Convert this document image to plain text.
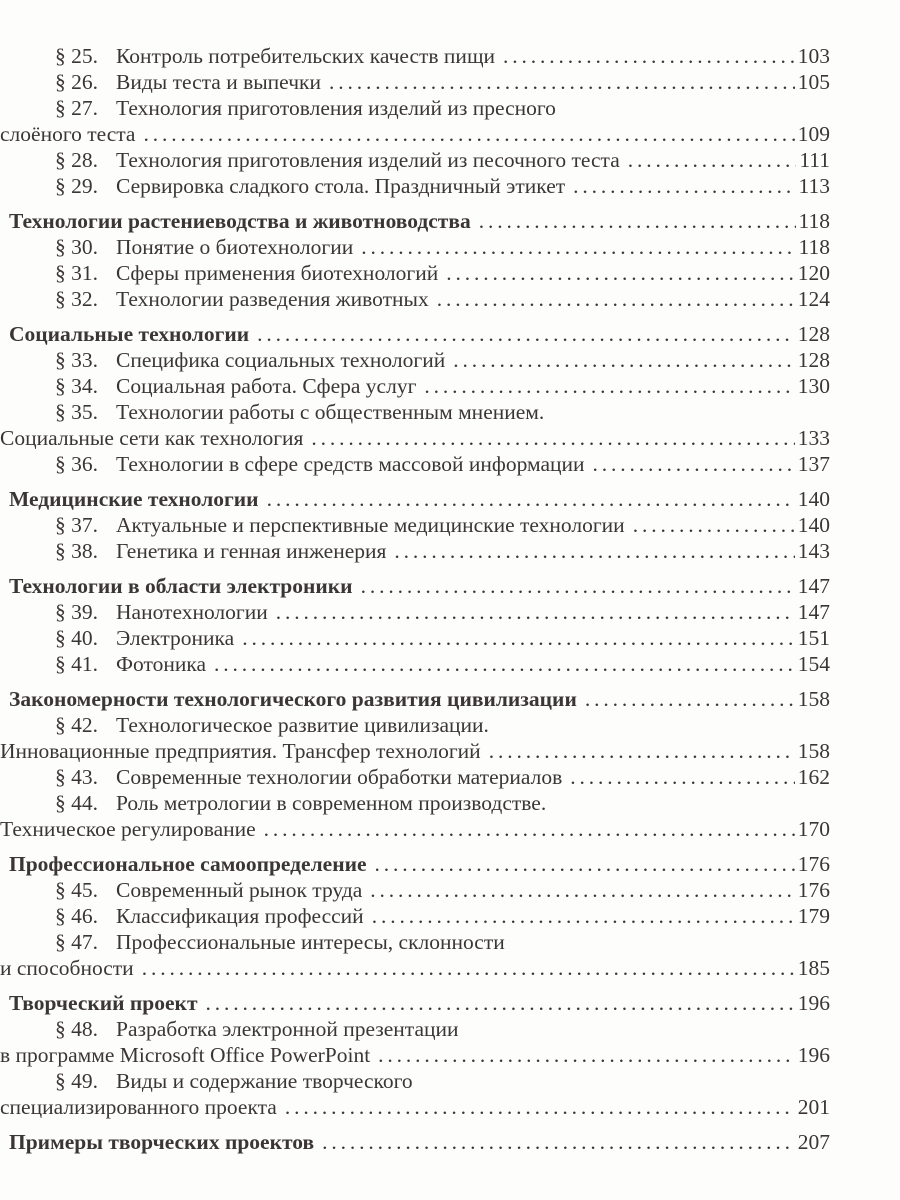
§ 25. Контроль потребительских качеств пищи . . .	103
§ 26. Виды теста и выпечки . . .	105
§ 27. Технология приготовления изделий из пресного
слоёного теста . . .	109
§ 28. Технология приготовления изделий из песочного теста . . .	111
§ 29. Сервировка сладкого стола. Праздничный этикет . . .	113
Технологии растениеводства и животноводства . . .	118
§ 30. Понятие о биотехнологии . . .	118
§ 31. Сферы применения биотехнологий . . .	120
§ 32. Технологии разведения животных . . .	124
Социальные технологии . . .	128
§ 33. Специфика социальных технологий . . .	128
§ 34. Социальная работа. Сфера услуг . . .	130
§ 35. Технологии работы с общественным мнением.
Социальные сети как технология . . .	133
§ 36. Технологии в сфере средств массовой информации . . .	137
Медицинские технологии . . .	140
§ 37. Актуальные и перспективные медицинские технологии . . .	140
§ 38. Генетика и генная инженерия . . .	143
Технологии в области электроники . . .	147
§ 39. Нанотехнологии . . .	147
§ 40. Электроника . . .	151
§ 41. Фотоника . . .	154
Закономерности технологического развития цивилизации . . .	158
§ 42. Технологическое развитие цивилизации.
Инновационные предприятия. Трансфер технологий . . .	158
§ 43. Современные технологии обработки материалов . . .	162
§ 44. Роль метрологии в современном производстве.
Техническое регулирование . . .	170
Профессиональное самоопределение . . .	176
§ 45. Современный рынок труда . . .	176
§ 46. Классификация профессий . . .	179
§ 47. Профессиональные интересы, склонности
и способности . . .	185
Творческий проект . . .	196
§ 48. Разработка электронной презентации
в программе Microsoft Office PowerPoint . . .	196
§ 49. Виды и содержание творческого
специализированного проекта . . .	201
Примеры творческих проектов . . .	207
